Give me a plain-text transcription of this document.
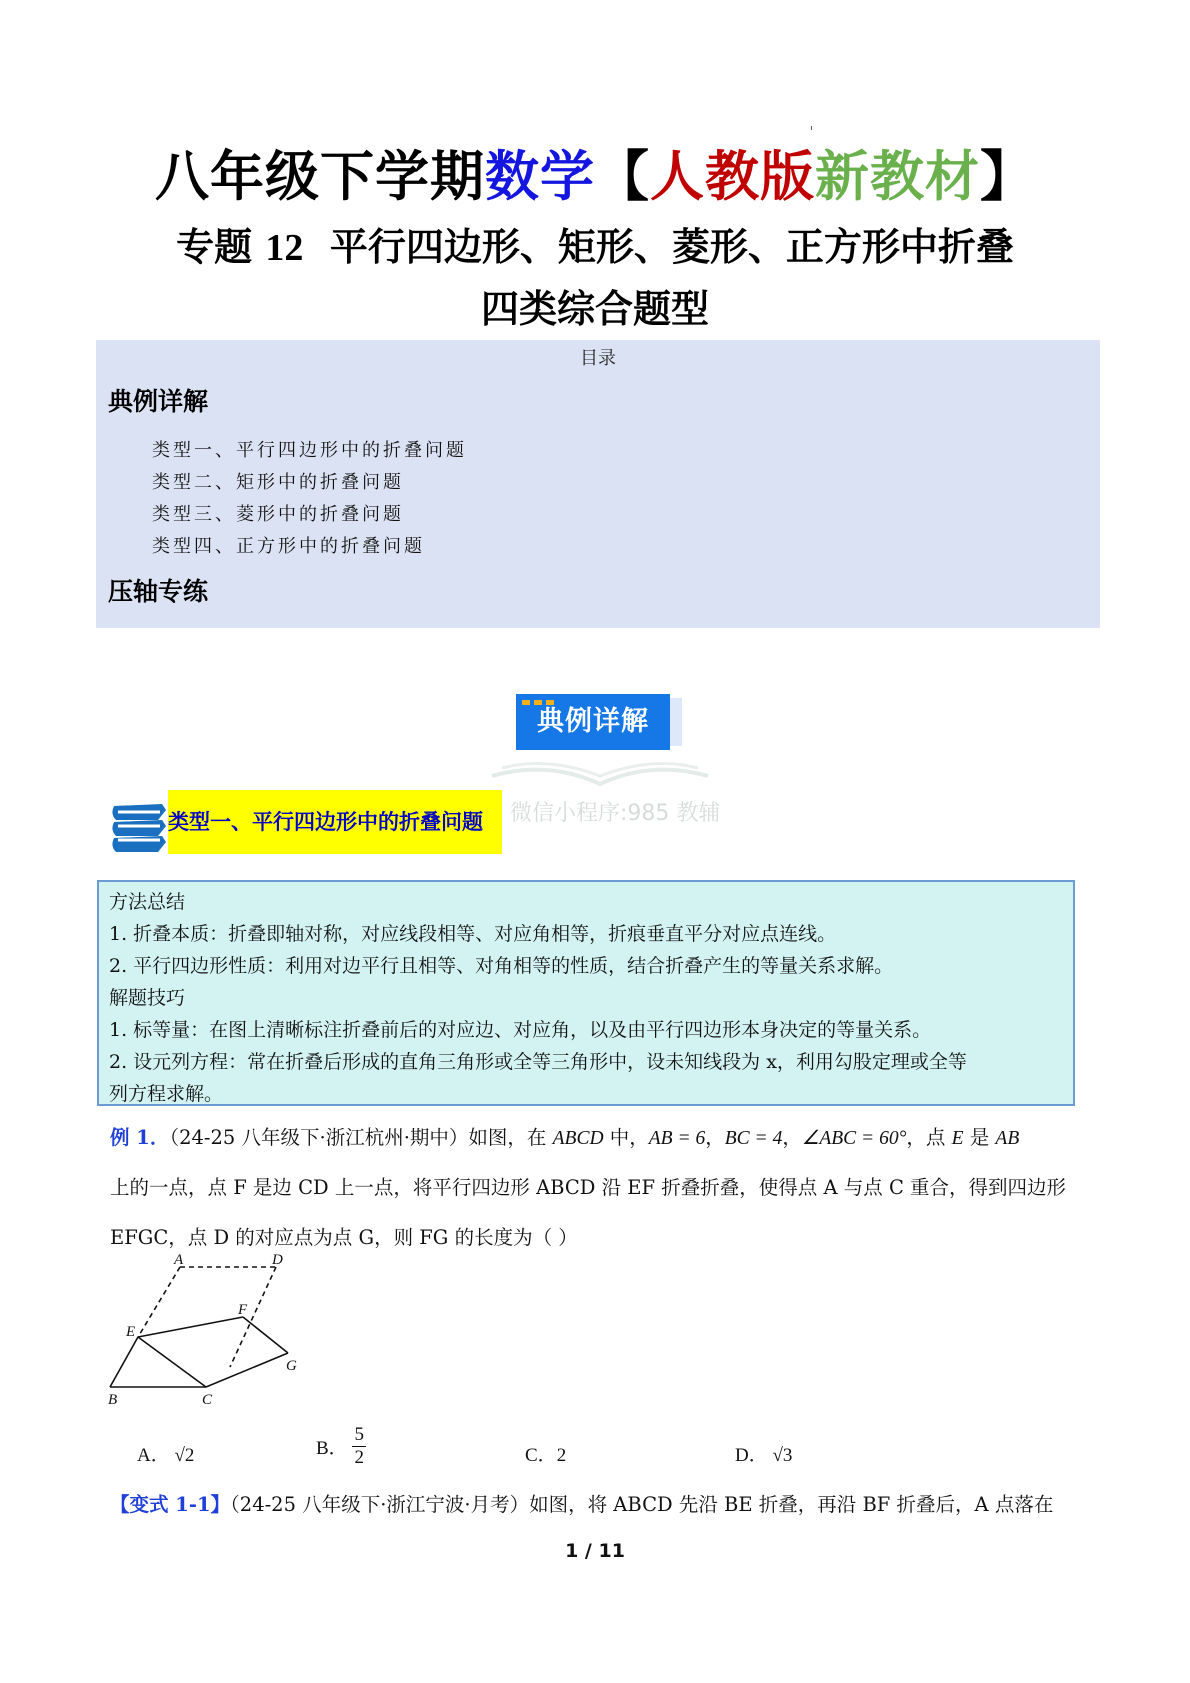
八年级下学期数学【人教版新教材】
专题 12  平行四边形、矩形、菱形、正方形中折叠
四类综合题型
目录
典例详解
类型一、平行四边形中的折叠问题
类型二、矩形中的折叠问题
类型三、菱形中的折叠问题
类型四、正方形中的折叠问题
压轴专练
典例详解
微信小程序:985 教辅
类型一、平行四边形中的折叠问题
方法总结
1. 折叠本质：折叠即轴对称，对应线段相等、对应角相等，折痕垂直平分对应点连线。
2. 平行四边形性质：利用对边平行且相等、对角相等的性质，结合折叠产生的等量关系求解。
解题技巧
1. 标等量：在图上清晰标注折叠前后的对应边、对应角，以及由平行四边形本身决定的等量关系。
2. 设元列方程：常在折叠后形成的直角三角形或全等三角形中，设未知线段为 x，利用勾股定理或全等
列方程求解。
例 1．（24-25 八年级下·浙江杭州·期中）如图，在 ABCD 中，AB = 6，BC = 4，∠ABC = 60°，点 E 是 AB
上的一点，点 F 是边 CD 上一点，将平行四边形 ABCD 沿 EF 折叠折叠，使得点 A 与点 C 重合，得到四边形
EFGC，点 D 的对应点为点 G，则 FG 的长度为（ ）
A	D
F
E
G
B	C
A． √2	B． $\frac{5}{2}$	C．2	D． √3
【变式 1-1】（24-25 八年级下·浙江宁波·月考）如图，将 ABCD 先沿 BE 折叠，再沿 BF 折叠后，A 点落在
1 / 11
